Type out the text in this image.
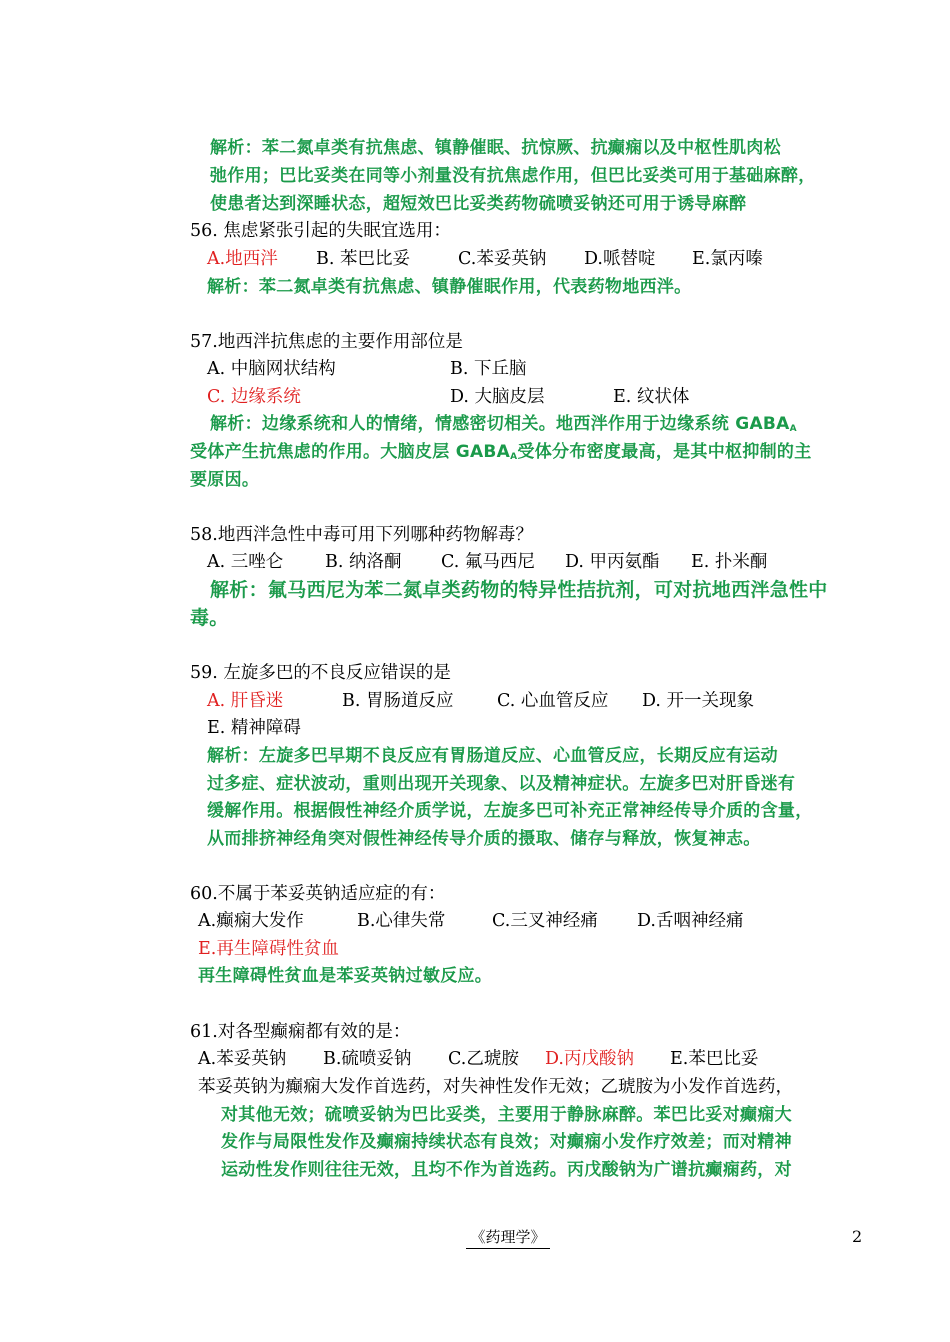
解析：苯二氮卓类有抗焦虑、镇静催眠、抗惊厥、抗癫痫以及中枢性肌肉松
弛作用；巴比妥类在同等小剂量没有抗焦虑作用，但巴比妥类可用于基础麻醉，
使患者达到深睡状态，超短效巴比妥类药物硫喷妥钠还可用于诱导麻醉
56. 焦虑紧张引起的失眠宜选用：
A.地西泮 B. 苯巴比妥	C.苯妥英钠 D.哌替啶 E.氯丙嗪
解析：苯二氮卓类有抗焦虑、镇静催眠作用，代表药物地西泮。
57.地西泮抗焦虑的主要作用部位是
A. 中脑网状结构	B. 下丘脑
C. 边缘系统	D. 大脑皮层	E. 纹状体
解析：边缘系统和人的情绪，情感密切相关。地西泮作用于边缘系统 $GABA_A$
受体产生抗焦虑的作用。大脑皮层 $GABA_A$受体分布密度最高，是其中枢抑制的主
要原因。
58.地西泮急性中毒可用下列哪种药物解毒？
A. 三唑仑 B. 纳洛酮 C. 氟马西尼 D. 甲丙氨酯 E. 扑米酮
解析：氟马西尼为苯二氮卓类药物的特异性拮抗剂，可对抗地西泮急性中
毒。
59. 左旋多巴的不良反应错误的是
A. 肝昏迷	B. 胃肠道反应 C. 心血管反应 D. 开一关现象
E. 精神障碍
解析：左旋多巴早期不良反应有胃肠道反应、心血管反应，长期反应有运动
过多症、症状波动，重则出现开关现象、以及精神症状。左旋多巴对肝昏迷有
缓解作用。根据假性神经介质学说，左旋多巴可补充正常神经传导介质的含量，
从而排挤神经角突对假性神经传导介质的摄取、储存与释放，恢复神志。
60.不属于苯妥英钠适应症的有：
A.癫痫大发作	B.心律失常	C.三叉神经痛 D.舌咽神经痛
E.再生障碍性贫血
再生障碍性贫血是苯妥英钠过敏反应。
61.对各型癫痫都有效的是：
A.苯妥英钠 B.硫喷妥钠 C.乙琥胺 D.丙戊酸钠 E.苯巴比妥
苯妥英钠为癫痫大发作首选药，对失神性发作无效；乙琥胺为小发作首选药，
对其他无效；硫喷妥钠为巴比妥类，主要用于静脉麻醉。苯巴比妥对癫痫大
发作与局限性发作及癫痫持续状态有良效；对癫痫小发作疗效差；而对精神
运动性发作则往往无效，且均不作为首选药。丙戊酸钠为广谱抗癫痫药，对
《药理学》	2
